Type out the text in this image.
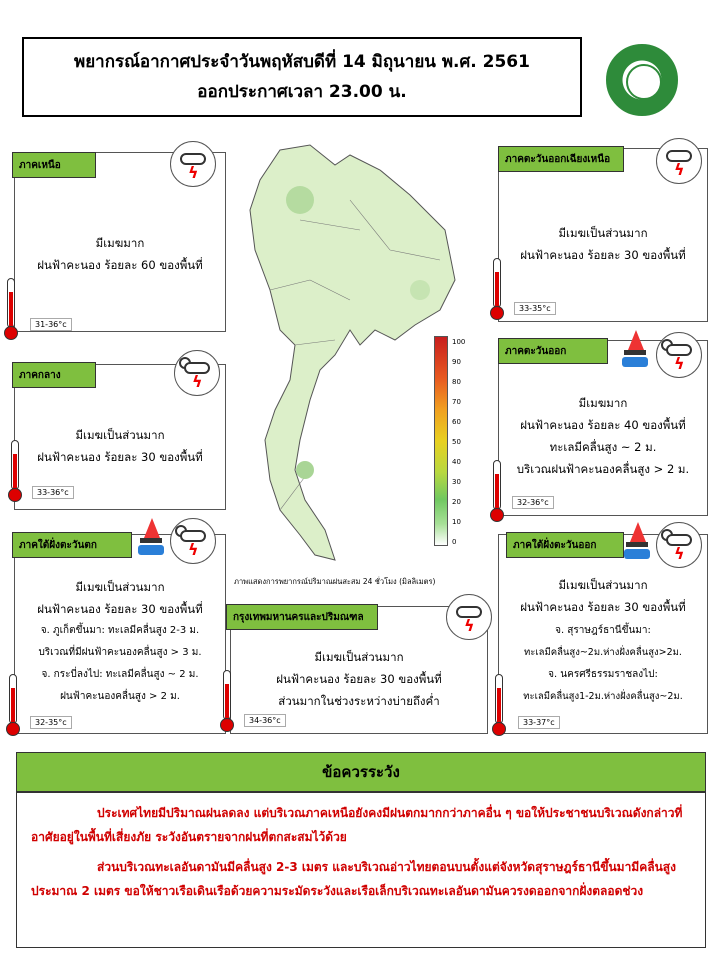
พยากรณ์อากาศประจำวันพฤหัสบดีที่ 14 มิถุนายน พ.ศ. 2561
ออกประกาศเวลา 23.00 น.
ภาคเหนือ	ϟ
มีเมฆมาก
ฝนฟ้าคะนอง ร้อยละ 60 ของพื้นที่
31-36°c
ภาคกลาง	ϟ
มีเมฆเป็นส่วนมาก
ฝนฟ้าคะนอง ร้อยละ 30 ของพื้นที่
33-36°c
ภาคใต้ฝั่งตะวันตก	ϟ
มีเมฆเป็นส่วนมาก
ฝนฟ้าคะนอง ร้อยละ 30 ของพื้นที่
จ. ภูเก็ตขึ้นมา: ทะเลมีคลื่นสูง 2-3 ม.
บริเวณที่มีฝนฟ้าคะนองคลื่นสูง > 3 ม.
จ. กระบี่ลงไป: ทะเลมีคลื่นสูง ~ 2 ม.
ฝนฟ้าคะนองคลื่นสูง > 2 ม.
32-35°c
ภาคตะวันออกเฉียงเหนือ
ϟ
มีเมฆเป็นส่วนมาก
ฝนฟ้าคะนอง ร้อยละ 30 ของพื้นที่
33-35°c
ภาคตะวันออก
ϟ
มีเมฆมาก
ฝนฟ้าคะนอง ร้อยละ 40 ของพื้นที่
ทะเลมีคลื่นสูง ~ 2 ม.
บริเวณฝนฟ้าคะนองคลื่นสูง > 2 ม.
32-36°c
ภาคใต้ฝั่งตะวันออก	ϟ
มีเมฆเป็นส่วนมาก
ฝนฟ้าคะนอง ร้อยละ 30 ของพื้นที่
จ. สุราษฎร์ธานีขึ้นมา:
ทะเลมีคลื่นสูง~2ม.ห่างฝั่งคลื่นสูง>2ม.
จ. นครศรีธรรมราชลงไป:
ทะเลมีคลื่นสูง1-2ม.ห่างฝั่งคลื่นสูง~2ม.
33-37°c
กรุงเทพมหานครและปริมณฑล	ϟ
มีเมฆเป็นส่วนมาก
ฝนฟ้าคะนอง ร้อยละ 30 ของพื้นที่
ส่วนมากในช่วงระหว่างบ่ายถึงค่ำ
34-36°c
100
90
80
70
60
50
40
30
20
10
0
ภาพแสดงการพยากรณ์ปริมาณฝนสะสม 24 ชั่วโมง (มิลลิเมตร)
ข้อควรระวัง

ประเทศไทยมีปริมาณฝนลดลง แต่บริเวณภาคเหนือยังคงมีฝนตกมากกว่าภาคอื่น ๆ ขอให้ประชาชนบริเวณดังกล่าวที่อาศัยอยู่ในพื้นที่เสี่ยงภัย ระวังอันตรายจากฝนที่ตกสะสมไว้ด้วย

ส่วนบริเวณทะเลอันดามันมีคลื่นสูง 2-3 เมตร และบริเวณอ่าวไทยตอนบนตั้งแต่จังหวัดสุราษฎร์ธานีขึ้นมามีคลื่นสูงประมาณ 2 เมตร ขอให้ชาวเรือเดินเรือด้วยความระมัดระวังและเรือเล็กบริเวณทะเลอันดามันควรงดออกจากฝั่งตลอดช่วง
